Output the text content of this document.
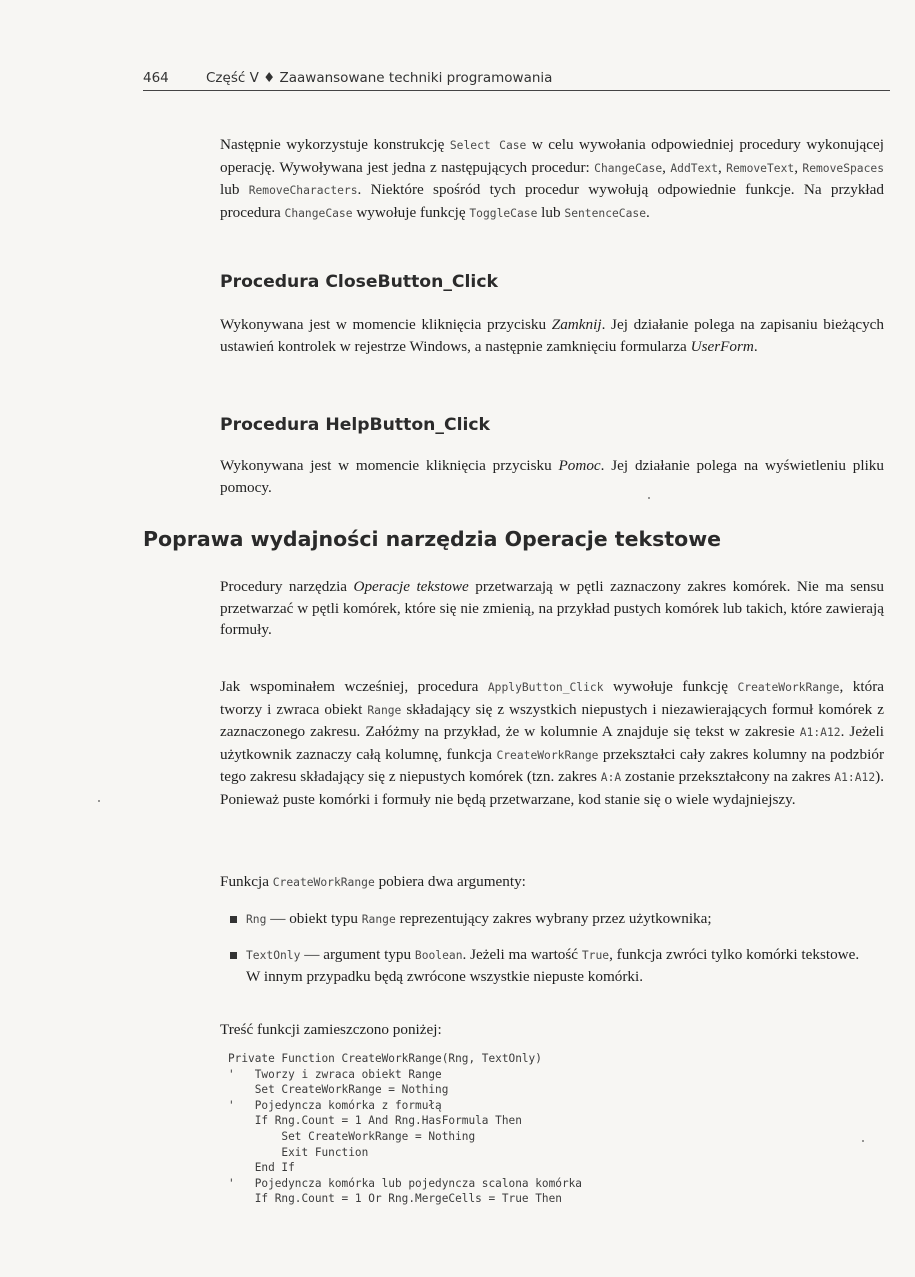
464	Część V ♦ Zaawansowane techniki programowania

Następnie wykorzystuje konstrukcję Select Case w celu wywołania odpowiedniej procedury wykonującej operację. Wywoływana jest jedna z następujących procedur: ChangeCase, AddText, RemoveText, RemoveSpaces lub RemoveCharacters. Niektóre spośród tych procedur wywołują odpowiednie funkcje. Na przykład procedura ChangeCase wywołuje funkcję ToggleCase lub SentenceCase.

Procedura CloseButton_Click

Wykonywana jest w momencie kliknięcia przycisku Zamknij. Jej działanie polega na zapisaniu bieżących ustawień kontrolek w rejestrze Windows, a następnie zamknięciu formularza UserForm.

Procedura HelpButton_Click

Wykonywana jest w momencie kliknięcia przycisku Pomoc. Jej działanie polega na wyświetleniu pliku pomocy.

Poprawa wydajności narzędzia Operacje tekstowe

Procedury narzędzia Operacje tekstowe przetwarzają w pętli zaznaczony zakres komórek. Nie ma sensu przetwarzać w pętli komórek, które się nie zmienią, na przykład pustych komórek lub takich, które zawierają formuły.

Jak wspominałem wcześniej, procedura ApplyButton_Click wywołuje funkcję CreateWorkRange, która tworzy i zwraca obiekt Range składający się z wszystkich niepustych i niezawierających formuł komórek z zaznaczonego zakresu. Załóżmy na przykład, że w kolumnie A znajduje się tekst w zakresie A1:A12. Jeżeli użytkownik zaznaczy całą kolumnę, funkcja CreateWorkRange przekształci cały zakres kolumny na podzbiór tego zakresu składający się z niepustych komórek (tzn. zakres A:A zostanie przekształcony na zakres A1:A12). Ponieważ puste komórki i formuły nie będą przetwarzane, kod stanie się o wiele wydajniejszy.

Funkcja CreateWorkRange pobiera dwa argumenty:

Rng — obiekt typu Range reprezentujący zakres wybrany przez użytkownika;
TextOnly — argument typu Boolean. Jeżeli ma wartość True, funkcja zwróci tylko komórki tekstowe. W innym przypadku będą zwrócone wszystkie niepuste komórki.

Treść funkcji zamieszczono poniżej:

Private Function CreateWorkRange(Rng, TextOnly)
'   Tworzy i zwraca obiekt Range
Set CreateWorkRange = Nothing
'   Pojedyncza komórka z formułą
If Rng.Count = 1 And Rng.HasFormula Then
Set CreateWorkRange = Nothing
Exit Function
End If
'   Pojedyncza komórka lub pojedyncza scalona komórka
If Rng.Count = 1 Or Rng.MergeCells = True Then
